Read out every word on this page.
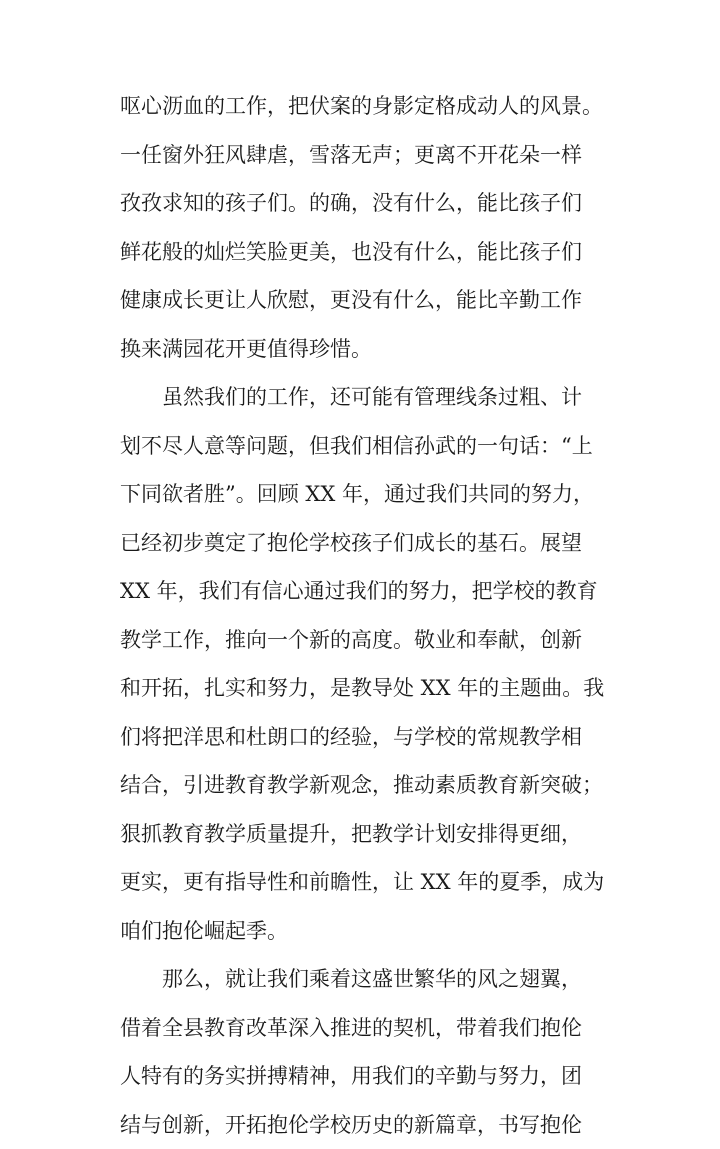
呕心沥血的工作，把伏案的身影定格成动人的风景。
一任窗外狂风肆虐，雪落无声；更离不开花朵一样
孜孜求知的孩子们。的确，没有什么，能比孩子们
鲜花般的灿烂笑脸更美，也没有什么，能比孩子们
健康成长更让人欣慰，更没有什么，能比辛勤工作
换来满园花开更值得珍惜。
虽然我们的工作，还可能有管理线条过粗、计
划不尽人意等问题，但我们相信孙武的一句话：“上
下同欲者胜”。回顾 XX 年，通过我们共同的努力，
已经初步奠定了抱伦学校孩子们成长的基石。展望
XX 年，我们有信心通过我们的努力，把学校的教育
教学工作，推向一个新的高度。敬业和奉献，创新
和开拓，扎实和努力，是教导处 XX 年的主题曲。我
们将把洋思和杜朗口的经验，与学校的常规教学相
结合，引进教育教学新观念，推动素质教育新突破；
狠抓教育教学质量提升，把教学计划安排得更细，
更实，更有指导性和前瞻性，让 XX 年的夏季，成为
咱们抱伦崛起季。
那么，就让我们乘着这盛世繁华的风之翅翼，
借着全县教育改革深入推进的契机，带着我们抱伦
人特有的务实拼搏精神，用我们的辛勤与努力，团
结与创新，开拓抱伦学校历史的新篇章，书写抱伦
